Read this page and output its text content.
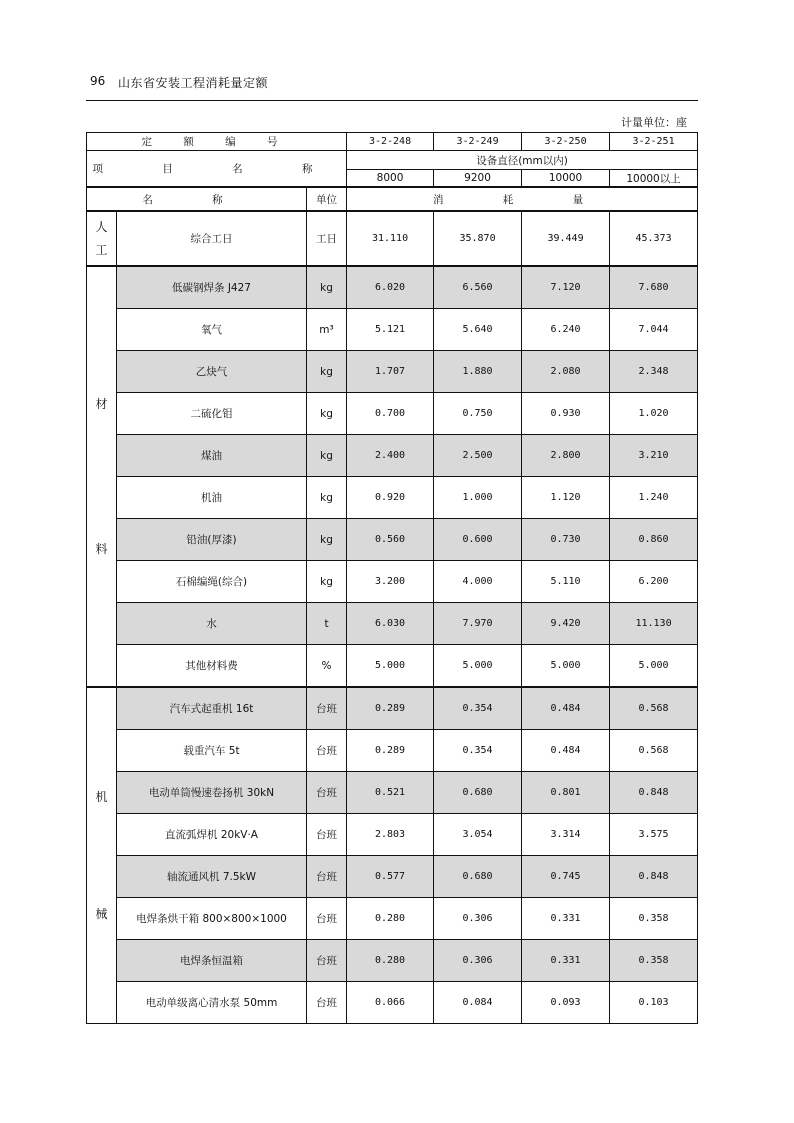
96 山东省安装工程消耗量定额
计量单位：座
定 额 编 号			3-2-248	3-2-249	3-2-250	3-2-251
项 目 名 称			设备直径(mm以内)			
			8000	9200	10000	10000以上
名 称		单位	消 耗 量			

人
工	综合工日	工日	31.110	35.870	39.449	45.373

材
料	低碳钢焊条 J427	kg	6.020	6.560	7.120	7.680
	氧气	m³	5.121	5.640	6.240	7.044
	乙炔气	kg	1.707	1.880	2.080	2.348
	二硫化钼	kg	0.700	0.750	0.930	1.020
	煤油	kg	2.400	2.500	2.800	3.210
	机油	kg	0.920	1.000	1.120	1.240
	铅油(厚漆)	kg	0.560	0.600	0.730	0.860
	石棉编绳(综合)	kg	3.200	4.000	5.110	6.200
	水	t	6.030	7.970	9.420	11.130
	其他材料费	%	5.000	5.000	5.000	5.000

机
械	汽车式起重机 16t	台班	0.289	0.354	0.484	0.568
	载重汽车 5t	台班	0.289	0.354	0.484	0.568
	电动单筒慢速卷扬机 30kN	台班	0.521	0.680	0.801	0.848
	直流弧焊机 20kV·A	台班	2.803	3.054	3.314	3.575
	轴流通风机 7.5kW	台班	0.577	0.680	0.745	0.848
	电焊条烘干箱 800×800×1000	台班	0.280	0.306	0.331	0.358
	电焊条恒温箱	台班	0.280	0.306	0.331	0.358
	电动单级离心清水泵 50mm	台班	0.066	0.084	0.093	0.103
